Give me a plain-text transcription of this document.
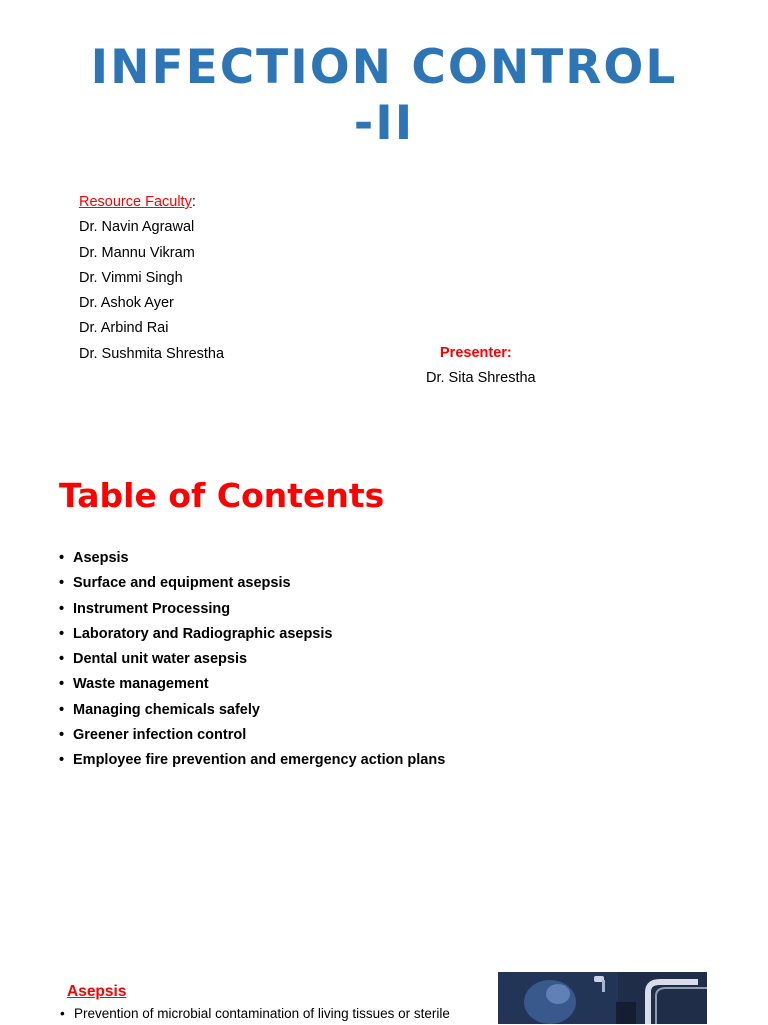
INFECTION CONTROL
-II
Resource Faculty:
Dr. Navin Agrawal
Dr. Mannu Vikram
Dr. Vimmi Singh
Dr. Ashok Ayer
Dr. Arbind Rai
Dr. Sushmita Shrestha	Presenter:
Dr. Sita Shrestha
Table of Contents
• Asepsis
• Surface and equipment asepsis
• Instrument Processing
• Laboratory and Radiographic asepsis
• Dental unit water asepsis
• Waste management
• Managing chemicals safely
• Greener infection control
• Employee fire prevention and emergency action plans
Asepsis
• Prevention of microbial contamination of living tissues or sterile
